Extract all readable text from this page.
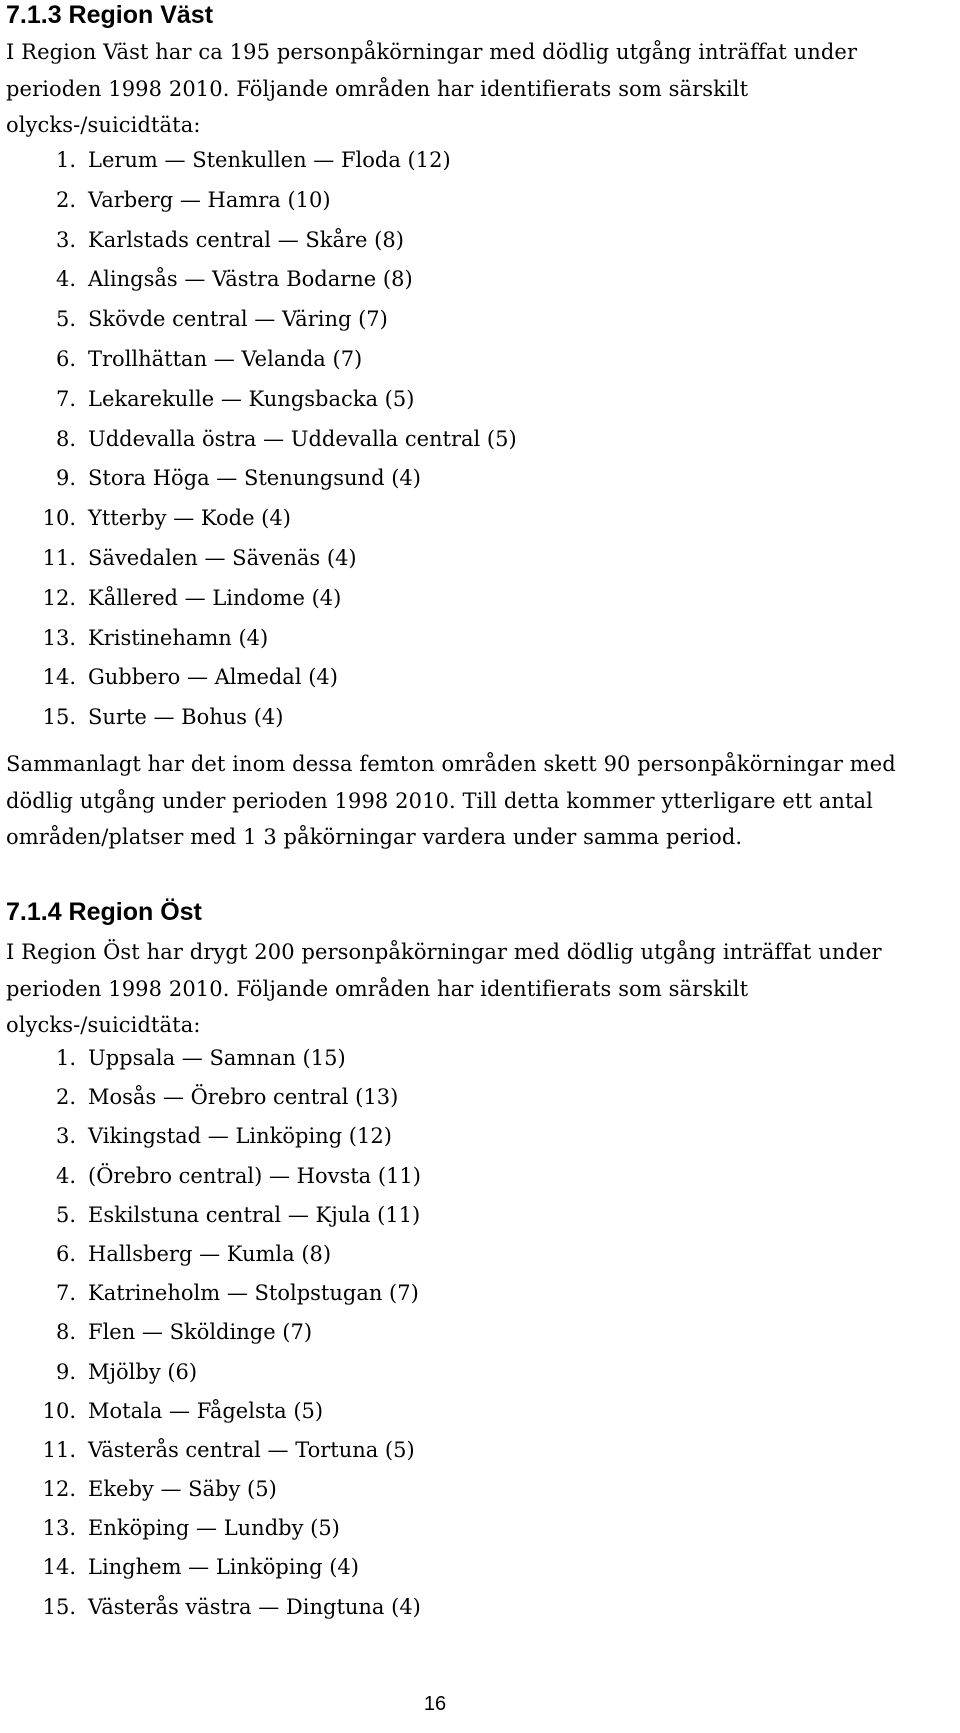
7.1.3 Region Väst

I Region Väst har ca 195 personpåkörningar med dödlig utgång inträffat under perioden 1998 2010. Följande områden har identifierats som särskilt olycks-/suicidtäta:

1. Lerum — Stenkullen — Floda (12)
2. Varberg — Hamra (10)
3. Karlstads central — Skåre (8)
4. Alingsås — Västra Bodarne (8)
5. Skövde central — Väring (7)
6. Trollhättan — Velanda (7)
7. Lekarekulle — Kungsbacka (5)
8. Uddevalla östra — Uddevalla central (5)
9. Stora Höga — Stenungsund (4)
10. Ytterby — Kode (4)
11. Sävedalen — Sävenäs (4)
12. Kållered — Lindome (4)
13. Kristinehamn (4)
14. Gubbero — Almedal (4)
15. Surte — Bohus (4)

Sammanlagt har det inom dessa femton områden skett 90 personpåkörningar med dödlig utgång under perioden 1998 2010. Till detta kommer ytterligare ett antal områden/platser med 1 3 påkörningar vardera under samma period.

7.1.4 Region Öst

I Region Öst har drygt 200 personpåkörningar med dödlig utgång inträffat under perioden 1998 2010. Följande områden har identifierats som särskilt olycks-/suicidtäta:

1. Uppsala — Samnan (15)
2. Mosås — Örebro central (13)
3. Vikingstad — Linköping (12)
4. (Örebro central) — Hovsta (11)
5. Eskilstuna central — Kjula (11)
6. Hallsberg — Kumla (8)
7. Katrineholm — Stolpstugan (7)
8. Flen — Sköldinge (7)
9. Mjölby (6)
10. Motala — Fågelsta (5)
11. Västerås central — Tortuna (5)
12. Ekeby — Säby (5)
13. Enköping — Lundby (5)
14. Linghem — Linköping (4)
15. Västerås västra — Dingtuna (4)
16
